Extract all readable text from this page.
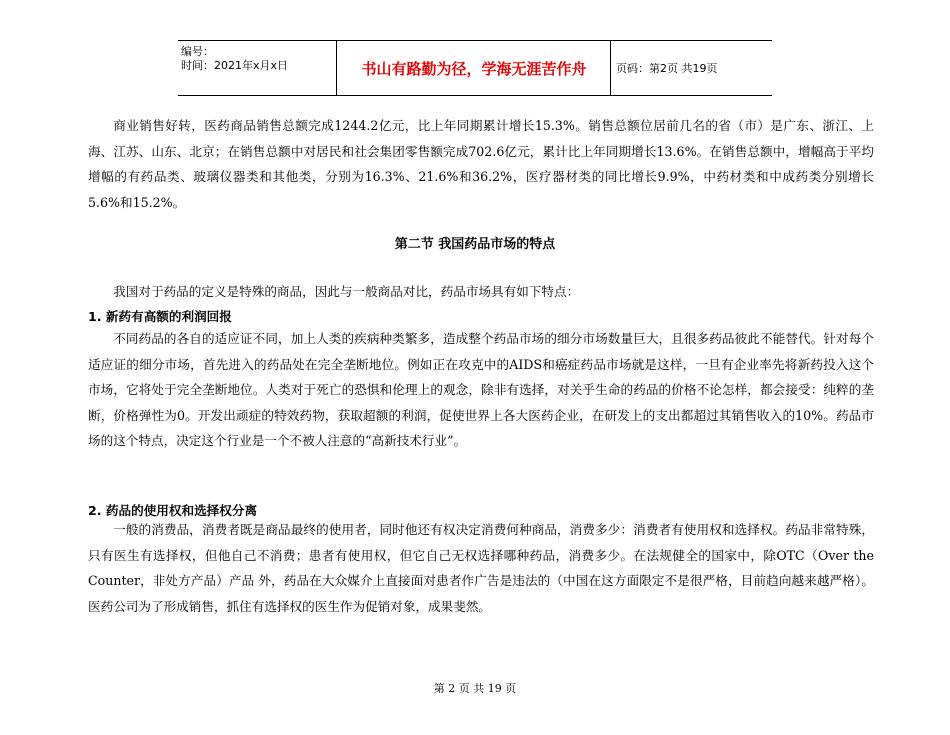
编号：
时间：2021年x月x日	书山有路勤为径，学海无涯苦作舟	页码：第2页 共19页

商业销售好转，医药商品销售总额完成1244.2亿元，比上年同期累计增长15.3%。销售总额位居前几名的省（市）是广东、浙江、上海、江苏、山东、北京；在销售总额中对居民和社会集团零售额完成702.6亿元，累计比上年同期增长13.6%。在销售总额中，增幅高于平均增幅的有药品类、玻璃仪器类和其他类，分别为16.3%、21.6%和36.2%，医疗器材类的同比增长9.9%，中药材类和中成药类分别增长5.6%和15.2%。

第二节 我国药品市场的特点
我国对于药品的定义是特殊的商品，因此与一般商品对比，药品市场具有如下特点：
1. 新药有高额的利润回报

不同药品的各自的适应证不同，加上人类的疾病种类繁多，造成整个药品市场的细分市场数量巨大，且很多药品彼此不能替代。针对每个适应证的细分市场，首先进入的药品处在完全垄断地位。例如正在攻克中的AIDS和癌症药品市场就是这样，一旦有企业率先将新药投入这个市场，它将处于完全垄断地位。人类对于死亡的恐惧和伦理上的观念，除非有选择，对关乎生命的药品的价格不论怎样，都会接受：纯粹的垄断，价格弹性为0。开发出顽症的特效药物，获取超额的利润，促使世界上各大医药企业，在研发上的支出都超过其销售收入的10%。药品市场的这个特点，决定这个行业是一个不被人注意的“高新技术行业”。

2. 药品的使用权和选择权分离

一般的消费品，消费者既是商品最终的使用者，同时他还有权决定消费何种商品，消费多少：消费者有使用权和选择权。药品非常特殊，只有医生有选择权，但他自己不消费；患者有使用权，但它自己无权选择哪种药品，消费多少。在法规健全的国家中，除OTC（Over the Counter，非处方产品）产品 外，药品在大众媒介上直接面对患者作广告是违法的（中国在这方面限定不是很严格，目前趋向越来越严格）。医药公司为了形成销售，抓住有选择权的医生作为促销对象，成果斐然。

第 2 页 共 19 页
